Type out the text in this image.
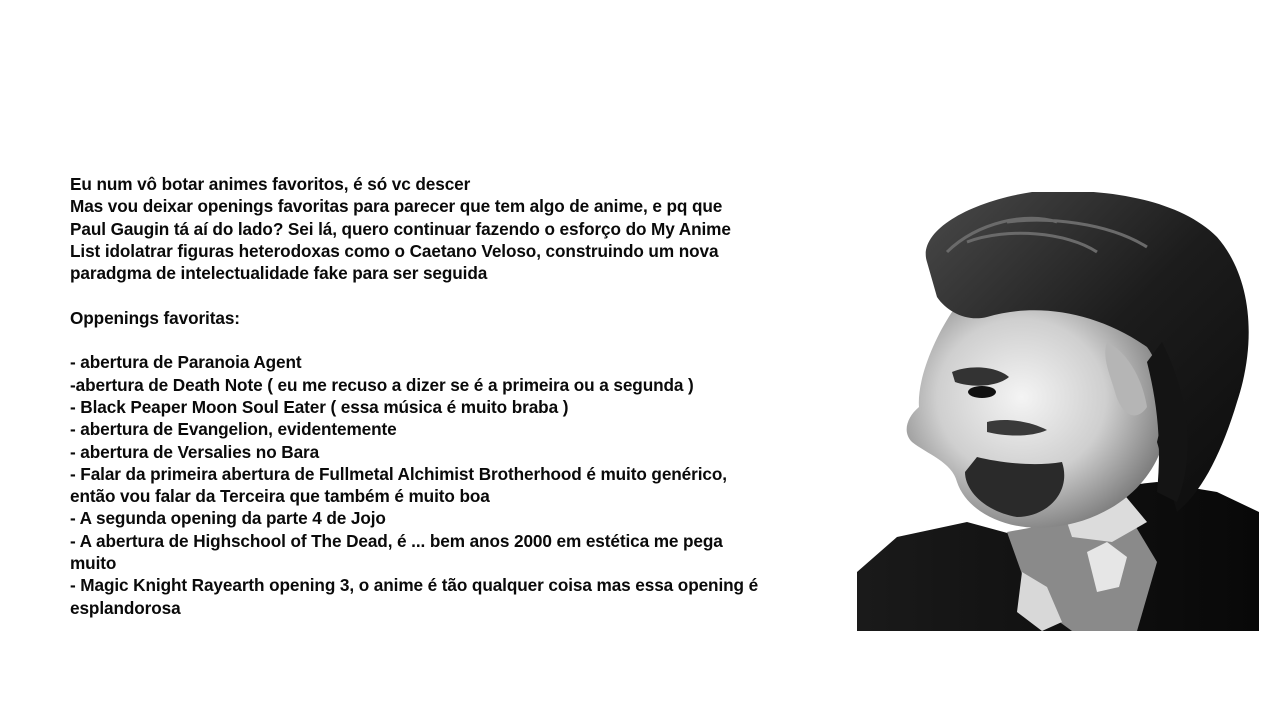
Eu num vô botar animes favoritos, é só vc descer
Mas vou deixar openings favoritas para parecer que tem algo de anime, e pq que
Paul Gaugin tá aí do lado? Sei lá, quero continuar fazendo o esforço do My Anime
List idolatrar figuras heterodoxas como o Caetano Veloso, construindo um nova
paradgma de intelectualidade fake para ser seguida
Oppenings favoritas:
- abertura de Paranoia Agent
-abertura de Death Note ( eu me recuso a dizer se é a primeira ou a segunda )
- Black Peaper Moon Soul Eater ( essa música é muito braba )
- abertura de Evangelion, evidentemente
- abertura de Versalies no Bara
- Falar da primeira abertura de Fullmetal Alchimist Brotherhood é muito genérico,
então vou falar da Terceira que também é muito boa
- A segunda opening da parte 4 de Jojo
- A abertura de Highschool of The Dead, é ... bem anos 2000 em estética me pega
muito
- Magic Knight Rayearth opening 3, o anime é tão qualquer coisa mas essa opening é
esplandorosa
